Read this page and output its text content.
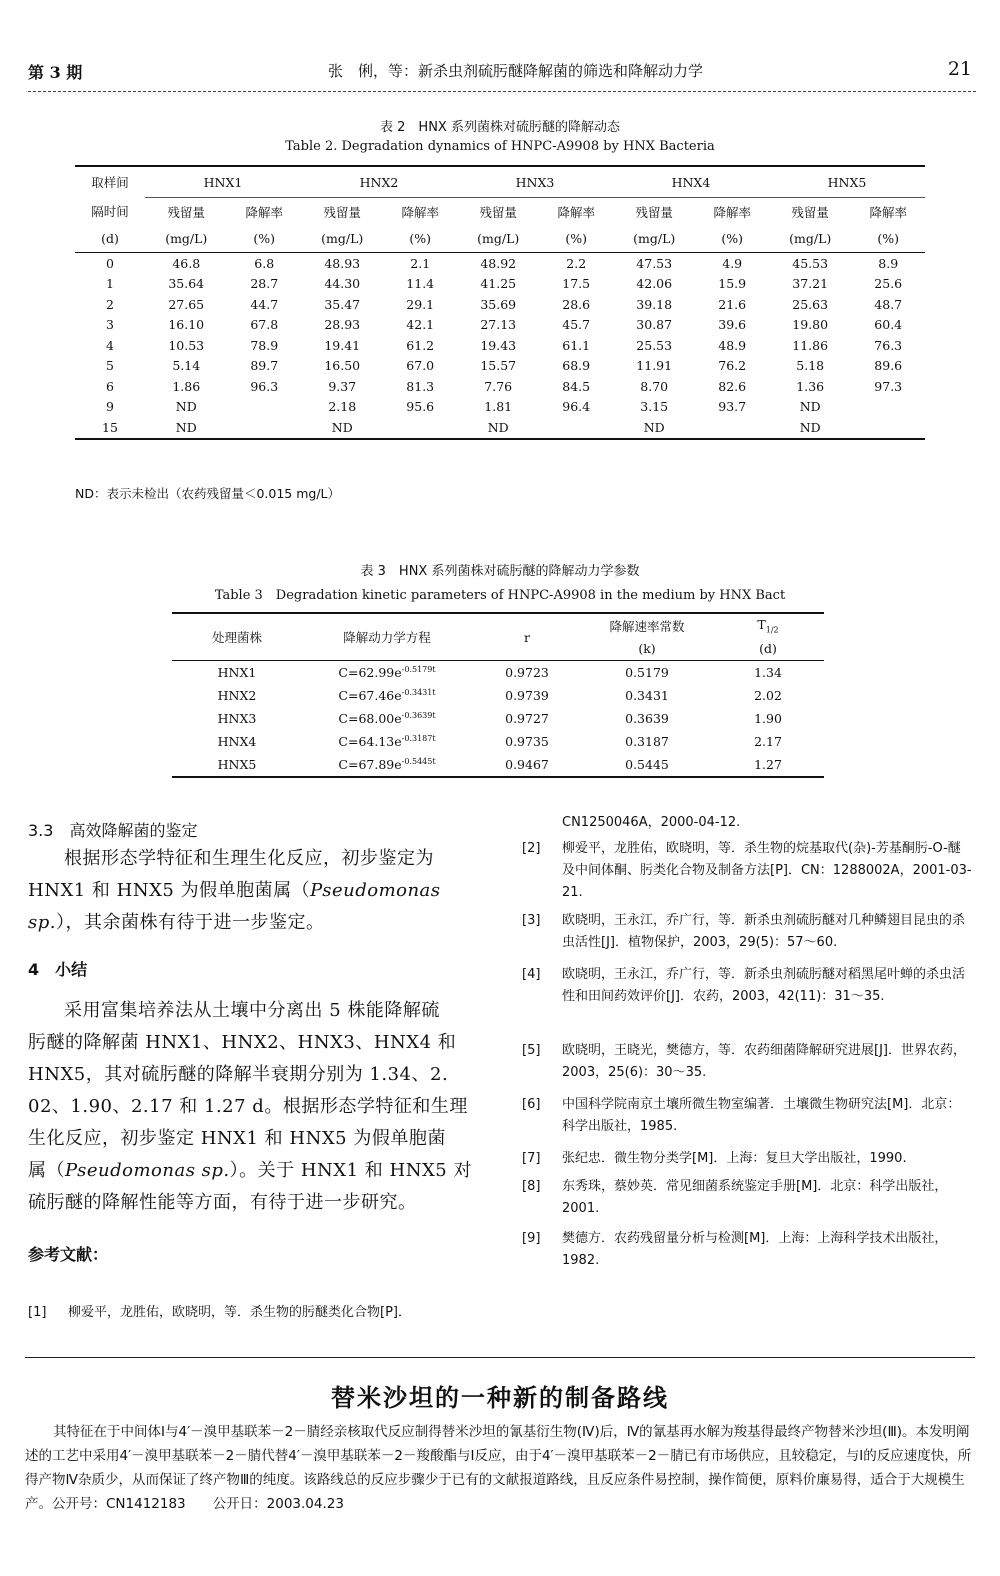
第 3 期	张　俐，等：新杀虫剂硫肟醚降解菌的筛选和降解动力学	21
表 2　HNX 系列菌株对硫肟醚的降解动态
Table 2. Degradation dynamics of HNPC-A9908 by HNX Bacteria
取样间	HNX1		HNX2		HNX3		HNX4		HNX5	
隔时间	残留量	降解率	残留量	降解率	残留量	降解率	残留量	降解率	残留量	降解率
(d)	(mg/L)	(%)	(mg/L)	(%)	(mg/L)	(%)	(mg/L)	(%)	(mg/L)	(%)
0	46.8	6.8	48.93	2.1	48.92	2.2	47.53	4.9	45.53	8.9
1	35.64	28.7	44.30	11.4	41.25	17.5	42.06	15.9	37.21	25.6
2	27.65	44.7	35.47	29.1	35.69	28.6	39.18	21.6	25.63	48.7
3	16.10	67.8	28.93	42.1	27.13	45.7	30.87	39.6	19.80	60.4
4	10.53	78.9	19.41	61.2	19.43	61.1	25.53	48.9	11.86	76.3
5	5.14	89.7	16.50	67.0	15.57	68.9	11.91	76.2	5.18	89.6
6	1.86	96.3	9.37	81.3	7.76	84.5	8.70	82.6	1.36	97.3
9	ND		2.18	95.6	1.81	96.4	3.15	93.7	ND	
15	ND		ND		ND		ND		ND	
ND：表示未检出（农药残留量＜0.015 mg/L）
表 3　HNX 系列菌株对硫肟醚的降解动力学参数
Table 3　Degradation kinetic parameters of HNPC-A9908 in the medium by HNX Bact
处理菌株	降解动力学方程	r	降解速率常数	$T_{1/2}$
			(k)	(d)
HNX1	$C=62.99e^{-0.5179t}$	0.9723	0.5179	1.34
HNX2	$C=67.46e^{-0.3431t}$	0.9739	0.3431	2.02
HNX3	$C=68.00e^{-0.3639t}$	0.9727	0.3639	1.90
HNX4	$C=64.13e^{-0.3187t}$	0.9735	0.3187	2.17
HNX5	$C=67.89e^{-0.5445t}$	0.9467	0.5445	1.27
3.3　高效降解菌的鉴定
根据形态学特征和生理生化反应，初步鉴定为
HNX1 和 HNX5 为假单胞菌属（Pseudomonas
sp.），其余菌株有待于进一步鉴定。
4　小结
采用富集培养法从土壤中分离出 5 株能降解硫
肟醚的降解菌 HNX1、HNX2、HNX3、HNX4 和
HNX5，其对硫肟醚的降解半衰期分别为 1.34、2.
02、1.90、2.17 和 1.27 d。根据形态学特征和生理
生化反应，初步鉴定 HNX1 和 HNX5 为假单胞菌
属（Pseudomonas sp.）。关于 HNX1 和 HNX5 对
硫肟醚的降解性能等方面，有待于进一步研究。
参考文献：
[1] 柳爱平，龙胜佑，欧晓明，等．杀生物的肟醚类化合物[P]．
CN1250046A，2000-04-12.
[2] 柳爱平，龙胜佑，欧晓明，等．杀生物的烷基取代(杂)-芳基酮肟-O-醚及中间体酮、肟类化合物及制备方法[P]．CN：1288002A，2001-03-21.
[3] 欧晓明，王永江，乔广行，等．新杀虫剂硫肟醚对几种鳞翅目昆虫的杀虫活性[J]．植物保护，2003，29(5)：57～60.
[4] 欧晓明，王永江，乔广行，等．新杀虫剂硫肟醚对稻黑尾叶蝉的杀虫活性和田间药效评价[J]．农药，2003，42(11)：31～35.
[5] 欧晓明，王晓光，樊德方，等．农药细菌降解研究进展[J]．世界农药，2003，25(6)：30～35.
[6] 中国科学院南京土壤所微生物室编著．土壤微生物研究法[M]．北京：科学出版社，1985.
[7] 张纪忠．微生物分类学[M]．上海：复旦大学出版社，1990.
[8] 东秀珠，蔡妙英．常见细菌系统鉴定手册[M]．北京：科学出版社，2001.
[9] 樊德方．农药残留量分析与检测[M]．上海：上海科学技术出版社，1982.
替米沙坦的一种新的制备路线
其特征在于中间体Ⅰ与4′－溴甲基联苯－2－腈经亲核取代反应制得替米沙坦的氰基衍生物(Ⅳ)后，Ⅳ的氰基再水解为羧基得最终产物替米沙坦(Ⅲ)。本发明阐述的工艺中采用4′－溴甲基联苯－2－腈代替4′－溴甲基联苯－2－羧酸酯与Ⅰ反应，由于4′－溴甲基联苯－2－腈已有市场供应，且较稳定，与Ⅰ的反应速度快，所得产物Ⅳ杂质少，从而保证了终产物Ⅲ的纯度。该路线总的反应步骤少于已有的文献报道路线，且反应条件易控制，操作简便，原料价廉易得，适合于大规模生产。公开号：CN1412183　　公开日：2003.04.23
